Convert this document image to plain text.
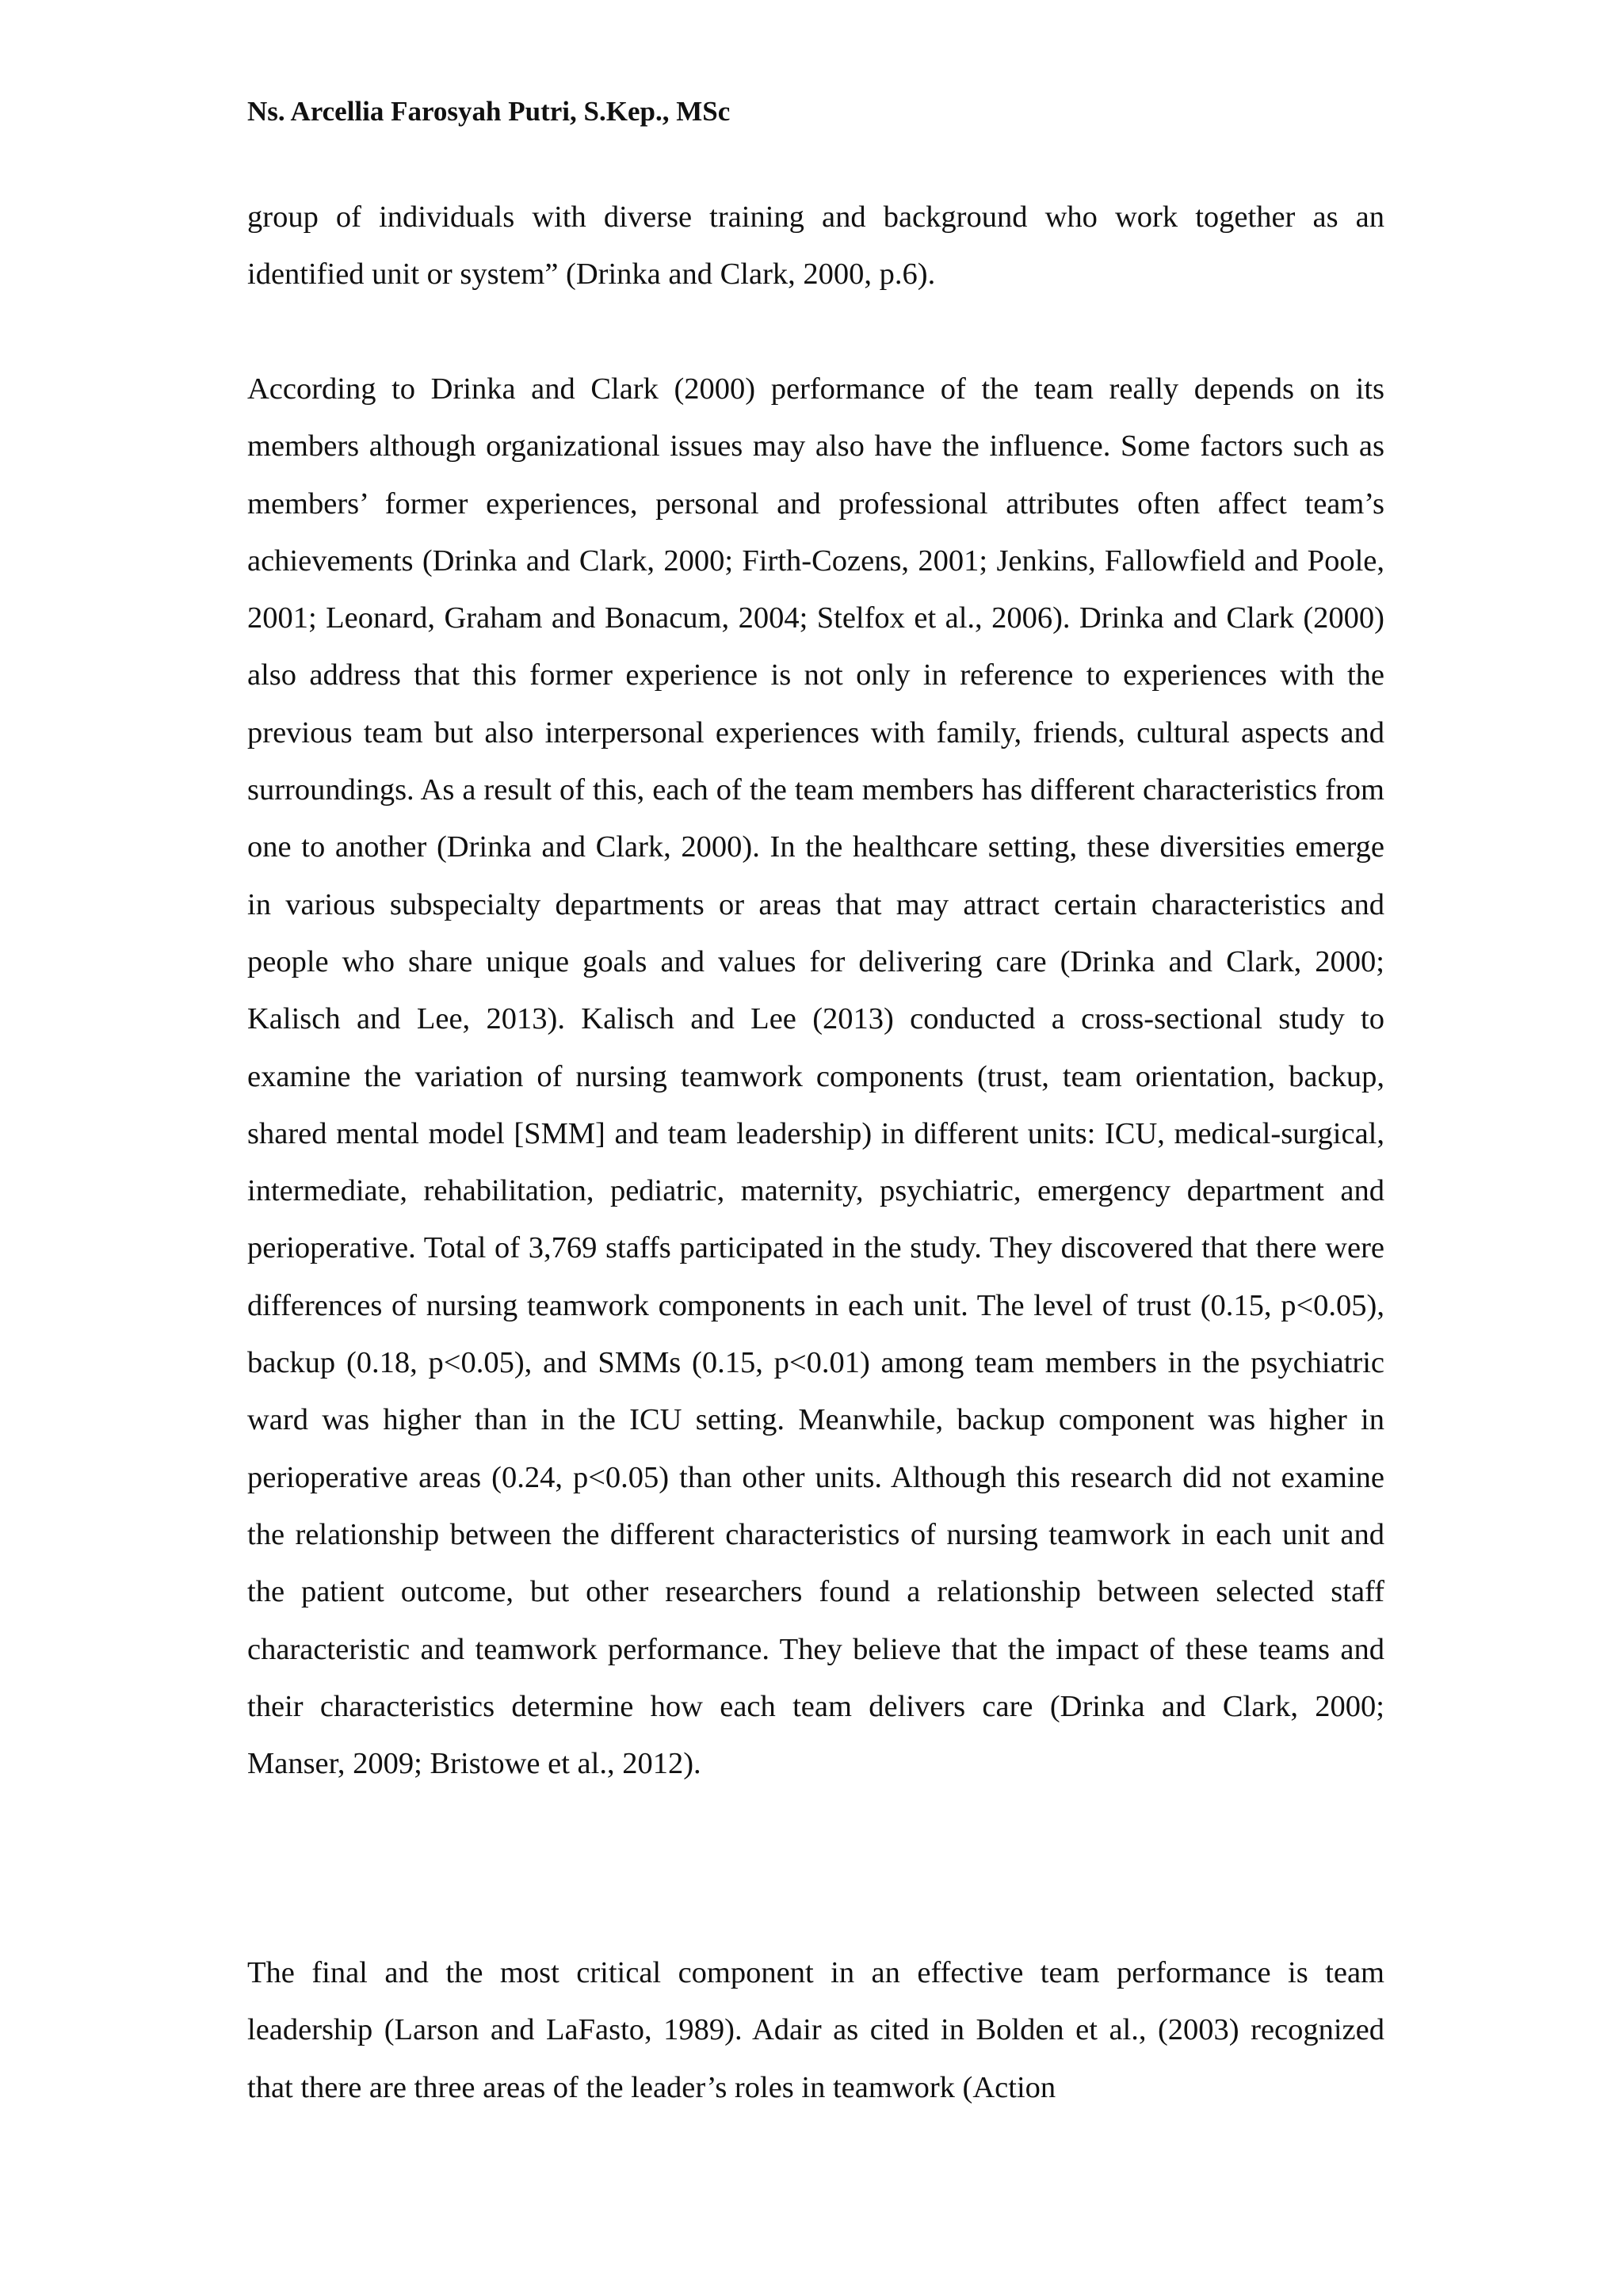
Ns. Arcellia Farosyah Putri, S.Kep., MSc

group of individuals with diverse training and background who work together as an identified unit or system” (Drinka and Clark, 2000, p.6).

According to Drinka and Clark (2000) performance of the team really depends on its members although organizational issues may also have the influence. Some factors such as members’ former experiences, personal and professional attributes often affect team’s achievements (Drinka and Clark, 2000; Firth-Cozens, 2001; Jenkins, Fallowfield and Poole, 2001; Leonard, Graham and Bonacum, 2004; Stelfox et al., 2006). Drinka and Clark (2000) also address that this former experience is not only in reference to experiences with the previous team but also interpersonal experiences with family, friends, cultural aspects and surroundings. As a result of this, each of the team members has different characteristics from one to another (Drinka and Clark, 2000). In the healthcare setting, these diversities emerge in various subspecialty departments or areas that may attract certain characteristics and people who share unique goals and values for delivering care (Drinka and Clark, 2000; Kalisch and Lee, 2013). Kalisch and Lee (2013) conducted a cross-sectional study to examine the variation of nursing teamwork components (trust, team orientation, backup, shared mental model [SMM] and team leadership) in different units: ICU, medical-surgical, intermediate, rehabilitation, pediatric, maternity, psychiatric, emergency department and perioperative. Total of 3,769 staffs participated in the study. They discovered that there were differences of nursing teamwork components in each unit. The level of trust (0.15, p<0.05), backup (0.18, p<0.05), and SMMs (0.15, p<0.01) among team members in the psychiatric ward was higher than in the ICU setting. Meanwhile, backup component was higher in perioperative areas (0.24, p<0.05) than other units. Although this research did not examine the relationship between the different characteristics of nursing teamwork in each unit and the patient outcome, but other researchers found a relationship between selected staff characteristic and teamwork performance. They believe that the impact of these teams and their characteristics determine how each team delivers care (Drinka and Clark, 2000; Manser, 2009; Bristowe et al., 2012).

The final and the most critical component in an effective team performance is team leadership (Larson and LaFasto, 1989). Adair as cited in Bolden et al., (2003) recognized that there are three areas of the leader’s roles in teamwork (Action
